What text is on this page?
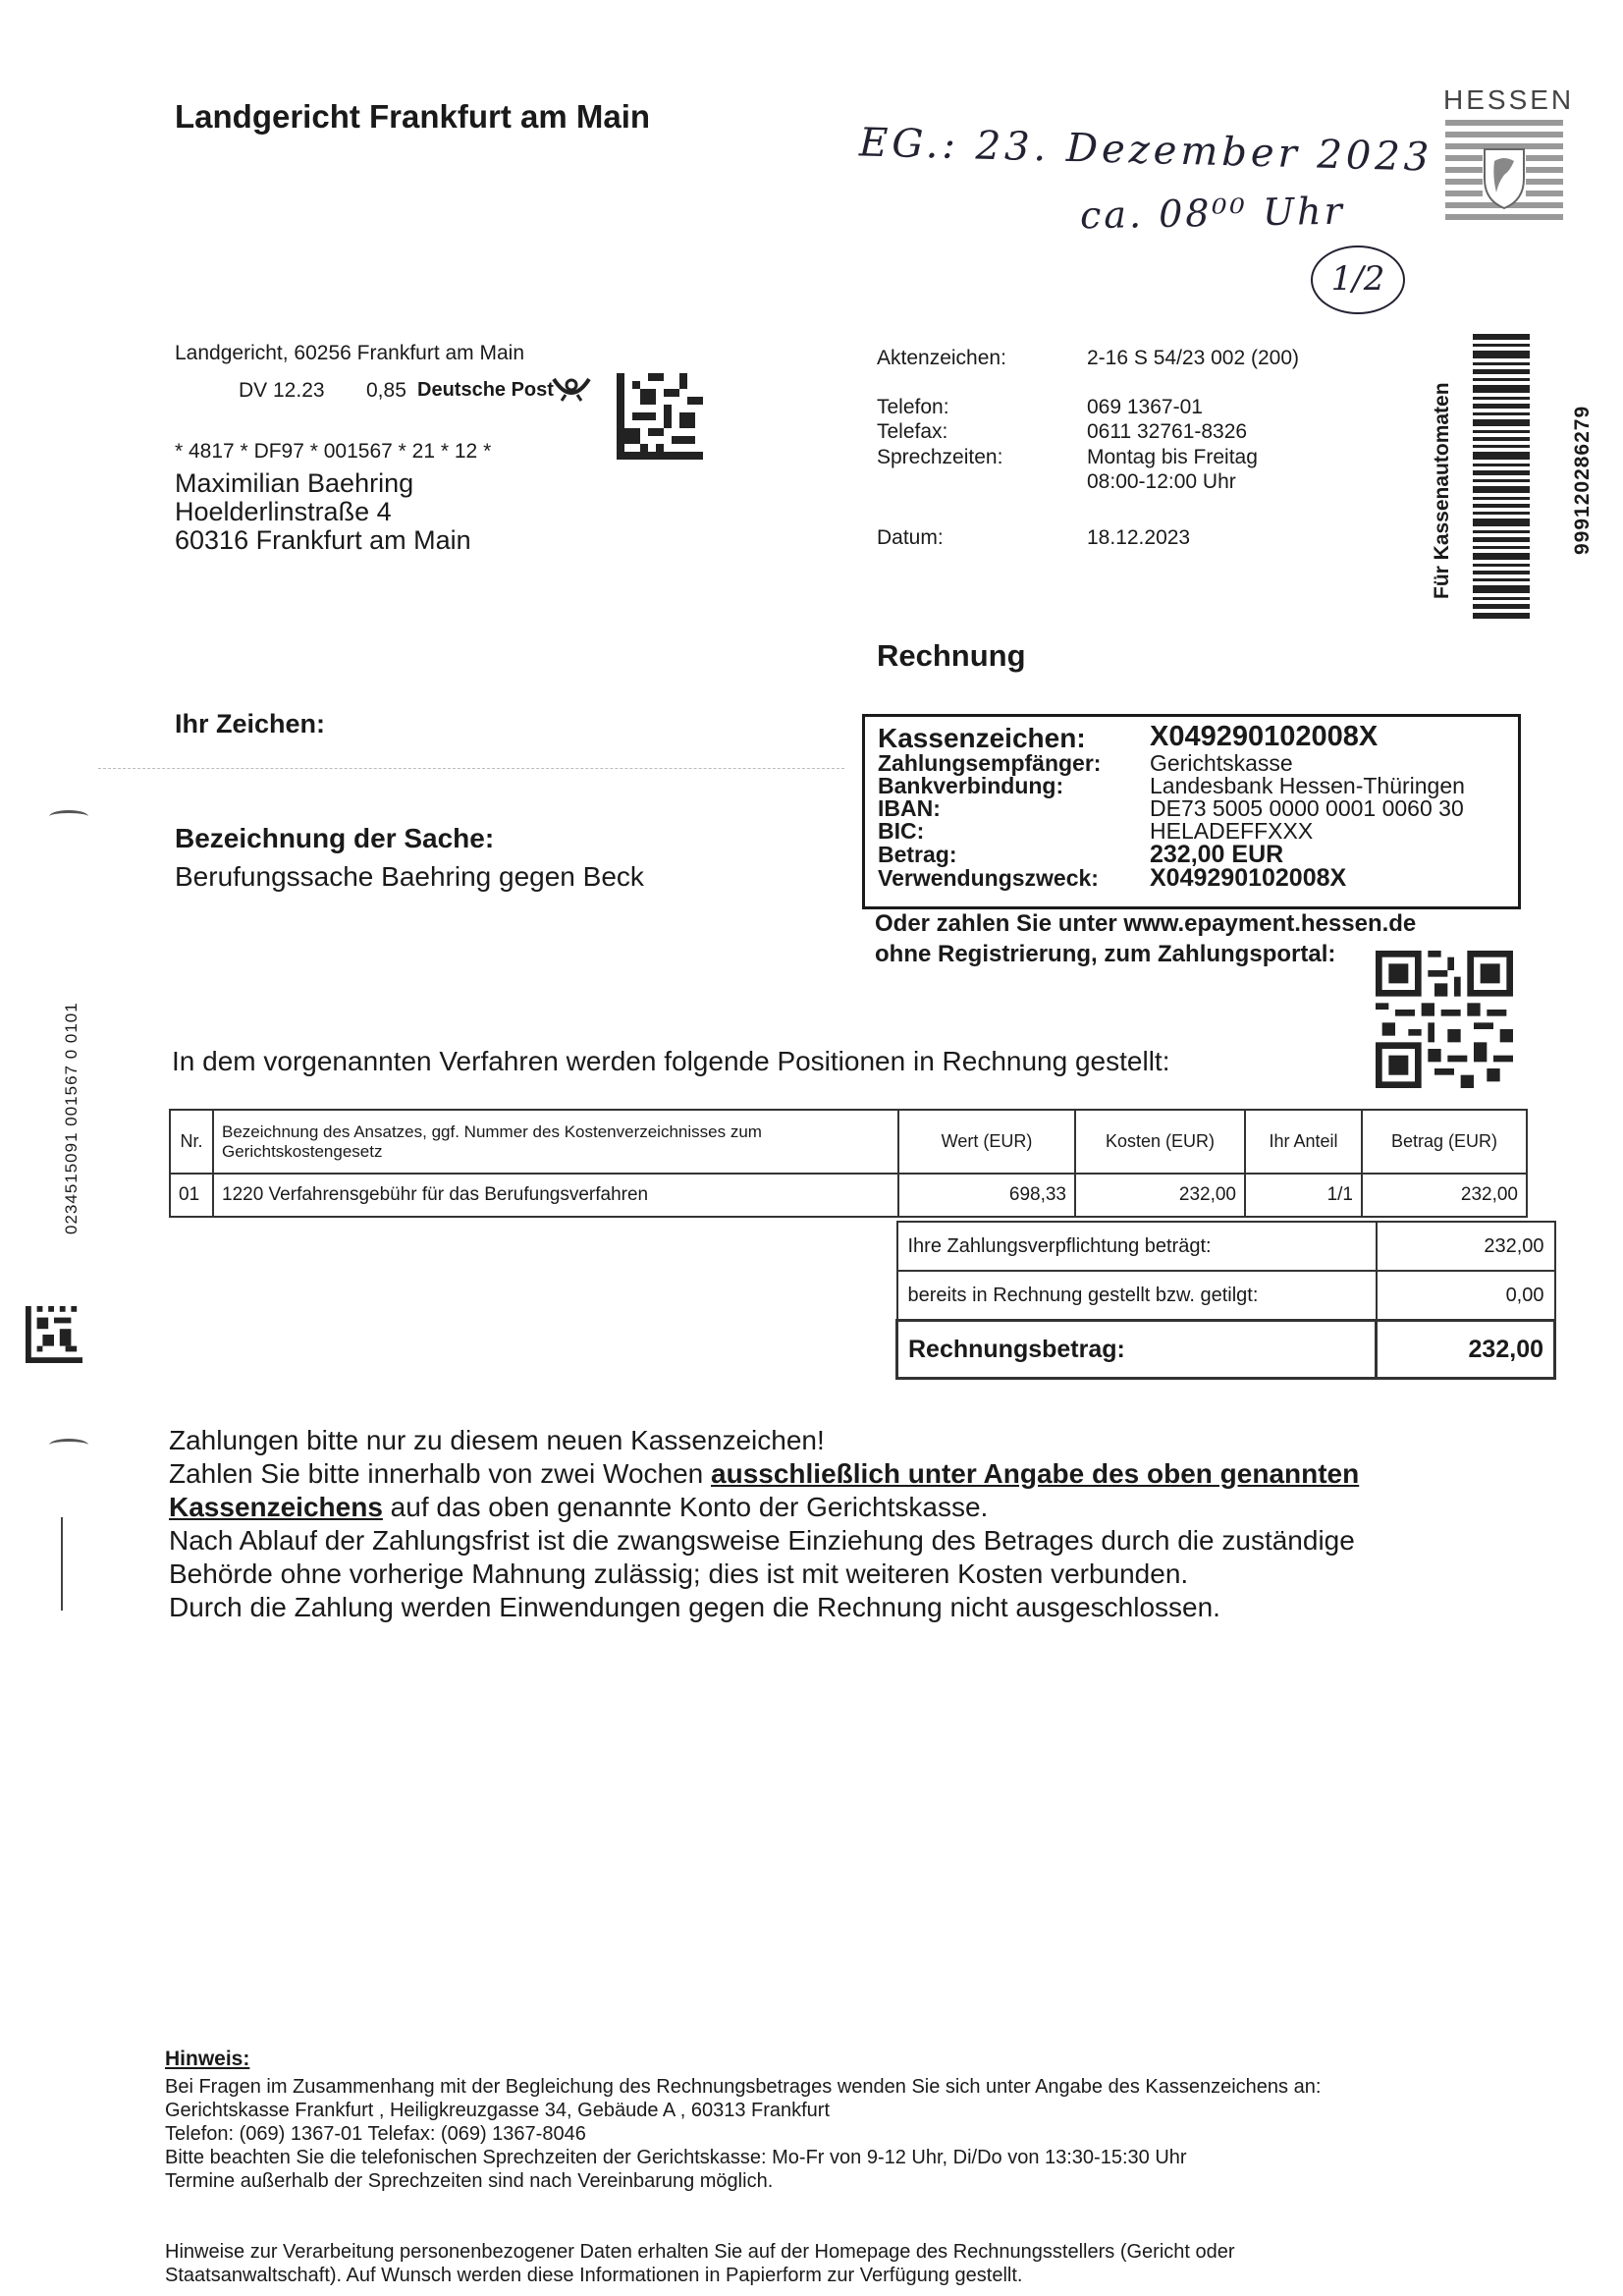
Landgericht Frankfurt am Main	HESSEN
EG.: 23. Dezember 2023
ca. 08⁰⁰ Uhr
1/2
Landgericht, 60256 Frankfurt am Main
DV 12.23 0,85 Deutsche Post
* 4817 * DF97 * 001567 * 21 * 12 *
Maximilian Baehring
Hoelderlinstraße 4
60316 Frankfurt am Main
Aktenzeichen:	2-16 S 54/23 002 (200)
Telefon:	069 1367-01
Telefax:	0611 32761-8326
Sprechzeiten:	Montag bis Freitag
08:00-12:00 Uhr
Datum:	18.12.2023	Für Kassenautomaten	99912028627​9
0234515091 001567 0 0101
Rechnung
Ihr Zeichen:
Bezeichnung der Sache:
Berufungssache Baehring gegen Beck
Kassenzeichen: X049290102008X
Zahlungsempfänger: Gerichtskasse
Bankverbindung:	Landesbank Hessen-Thüringen
IBAN:	DE73 5005 0000 0001 0060 30
BIC:	HELADEFFXXX
Betrag:	232,00 EUR
Verwendungszweck: X049290102008X
Oder zahlen Sie unter www.epayment.hessen.de
ohne Registrierung, zum Zahlungsportal:
In dem vorgenannten Verfahren werden folgende Positionen in Rechnung gestellt:
Nr.	Bezeichnung des Ansatzes, ggf. Nummer des Kostenverzeichnisses zum Gerichtskostengesetz	Wert (EUR)	Kosten (EUR)	Ihr Anteil	Betrag (EUR)
01	1220 Verfahrensgebühr für das Berufungsverfahren	698,33	232,00	1/1	232,00
Ihre Zahlungsverpflichtung beträgt:	232,00
bereits in Rechnung gestellt bzw. getilgt:	0,00
Rechnungsbetrag:	232,00
Zahlungen bitte nur zu diesem neuen Kassenzeichen!
Zahlen Sie bitte innerhalb von zwei Wochen ausschließlich unter Angabe des oben genannten
Kassenzeichens auf das oben genannte Konto der Gerichtskasse.
Nach Ablauf der Zahlungsfrist ist die zwangsweise Einziehung des Betrages durch die zuständige
Behörde ohne vorherige Mahnung zulässig; dies ist mit weiteren Kosten verbunden.
Durch die Zahlung werden Einwendungen gegen die Rechnung nicht ausgeschlossen.
Hinweis:
Bei Fragen im Zusammenhang mit der Begleichung des Rechnungsbetrages wenden Sie sich unter Angabe des Kassenzeichens an:
Gerichtskasse Frankfurt , Heiligkreuzgasse 34, Gebäude A , 60313 Frankfurt
Telefon: (069) 1367-01 Telefax: (069) 1367-8046
Bitte beachten Sie die telefonischen Sprechzeiten der Gerichtskasse: Mo-Fr von 9-12 Uhr, Di/Do von 13:30-15:30 Uhr
Termine außerhalb der Sprechzeiten sind nach Vereinbarung möglich.
Hinweise zur Verarbeitung personenbezogener Daten erhalten Sie auf der Homepage des Rechnungsstellers (Gericht oder
Staatsanwaltschaft). Auf Wunsch werden diese Informationen in Papierform zur Verfügung gestellt.
